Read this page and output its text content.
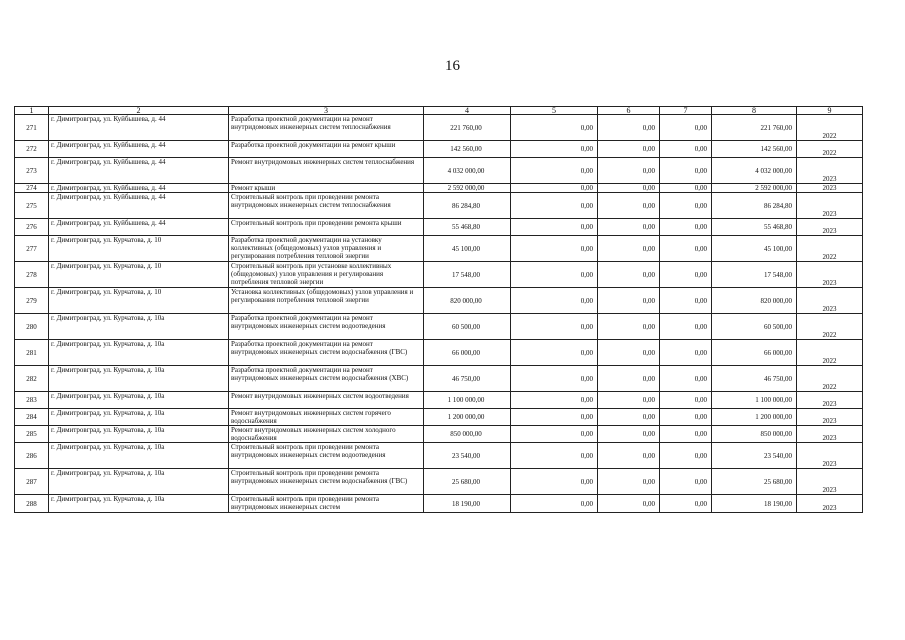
16
1	2	3	4	5	6	7	8	9
271	г. Димитровград, ул. Куйбышева, д. 44	Разработка проектной документации на ремонт внутридомовых инженерных систем теплоснабжения	221 760,00	0,00	0,00	0,00	221 760,00	2022
272	г. Димитровград, ул. Куйбышева, д. 44	Разработка проектной документации на ремонт крыши	142 560,00	0,00	0,00	0,00	142 560,00	2022
273	г. Димитровград, ул. Куйбышева, д. 44	Ремонт внутридомовых инженерных систем теплоснабжения	4 032 000,00	0,00	0,00	0,00	4 032 000,00	2023
274	г. Димитровград, ул. Куйбышева, д. 44	Ремонт крыши	2 592 000,00	0,00	0,00	0,00	2 592 000,00	2023
275	г. Димитровград, ул. Куйбышева, д. 44	Строительный контроль при проведении ремонта внутридомовых инженерных систем теплоснабжения	86 284,80	0,00	0,00	0,00	86 284,80	2023
276	г. Димитровград, ул. Куйбышева, д. 44	Строительный контроль при проведении ремонта крыши	55 468,80	0,00	0,00	0,00	55 468,80	2023
277	г. Димитровград, ул. Курчатова, д. 10	Разработка проектной документации на установку коллективных (общедомовых) узлов управления и регулирования потребления тепловой энергии	45 100,00	0,00	0,00	0,00	45 100,00	2022
278	г. Димитровград, ул. Курчатова, д. 10	Строительный контроль при установке коллективных (общедомовых) узлов управления и регулирования потребления тепловой энергии	17 548,00	0,00	0,00	0,00	17 548,00	2023
279	г. Димитровград, ул. Курчатова, д. 10	Установка коллективных (общедомовых) узлов управления и регулирования потребления тепловой энергии	820 000,00	0,00	0,00	0,00	820 000,00	2023
280	г. Димитровград, ул. Курчатова, д. 10а	Разработка проектной документации на ремонт внутридомовых инженерных систем водоотведения	60 500,00	0,00	0,00	0,00	60 500,00	2022
281	г. Димитровград, ул. Курчатова, д. 10а	Разработка проектной документации на ремонт внутридомовых инженерных систем водоснабжения (ГВС)	66 000,00	0,00	0,00	0,00	66 000,00	2022
282	г. Димитровград, ул. Курчатова, д. 10а	Разработка проектной документации на ремонт внутридомовых инженерных систем водоснабжения (ХВС)	46 750,00	0,00	0,00	0,00	46 750,00	2022
283	г. Димитровград, ул. Курчатова, д. 10а	Ремонт внутридомовых инженерных систем водоотведения	1 100 000,00	0,00	0,00	0,00	1 100 000,00	2023
284	г. Димитровград, ул. Курчатова, д. 10а	Ремонт внутридомовых инженерных систем горячего водоснабжения	1 200 000,00	0,00	0,00	0,00	1 200 000,00	2023
285	г. Димитровград, ул. Курчатова, д. 10а	Ремонт внутридомовых инженерных систем холодного водоснабжения	850 000,00	0,00	0,00	0,00	850 000,00	2023
286	г. Димитровград, ул. Курчатова, д. 10а	Строительный контроль при проведении ремонта внутридомовых инженерных систем водоотведения	23 540,00	0,00	0,00	0,00	23 540,00	2023
287	г. Димитровград, ул. Курчатова, д. 10а	Строительный контроль при проведении ремонта внутридомовых инженерных систем водоснабжения (ГВС)	25 680,00	0,00	0,00	0,00	25 680,00	2023
288	г. Димитровград, ул. Курчатова, д. 10а	Строительный контроль при проведении ремонта внутридомовых инженерных систем	18 190,00	0,00	0,00	0,00	18 190,00	2023
